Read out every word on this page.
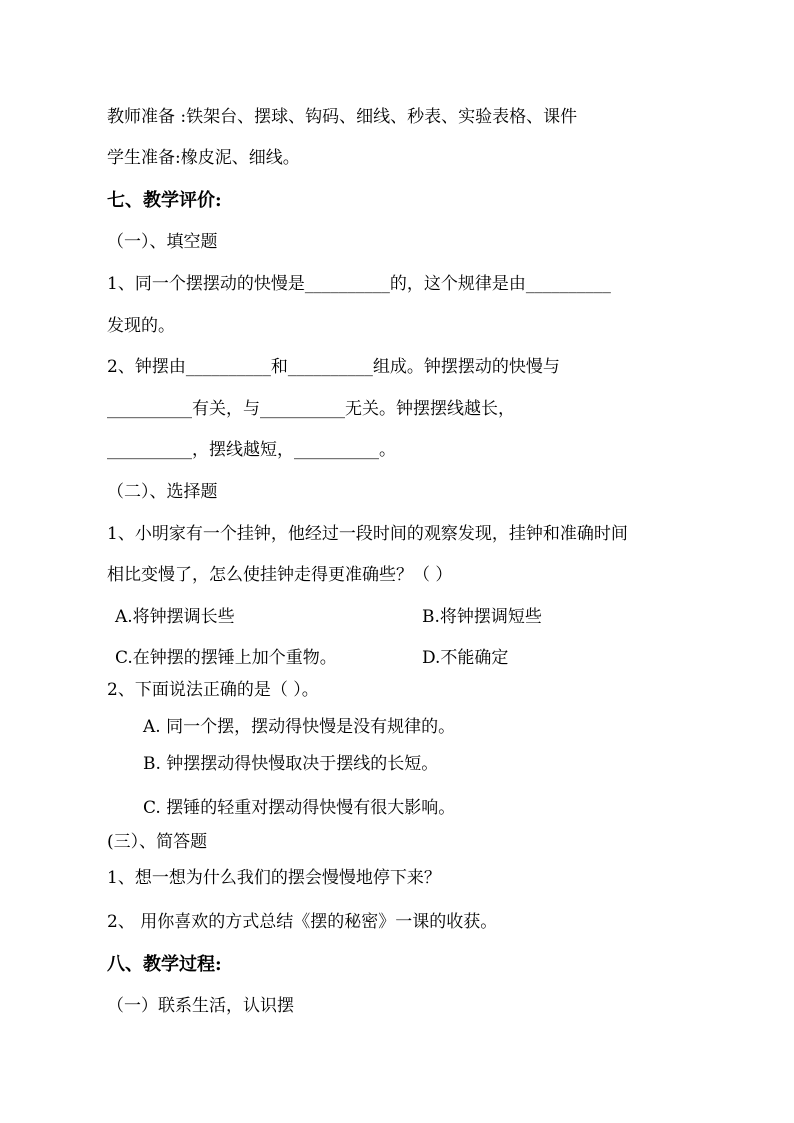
教师准备 :铁架台、摆球、钩码、细线、秒表、实验表格、课件
学生准备:橡皮泥、细线。
七、教学评价:
（一）、填空题
1、同一个摆摆动的快慢是__________的，这个规律是由__________
发现的。
2、钟摆由__________和__________组成。钟摆摆动的快慢与
__________有关，与__________无关。钟摆摆线越长，
__________，摆线越短，__________。
（二）、选择题
1、小明家有一个挂钟，他经过一段时间的观察发现，挂钟和准确时间
相比变慢了，怎么使挂钟走得更准确些？（ ）
A.将钟摆调长些	B.将钟摆调短些
C.在钟摆的摆锤上加个重物。	D.不能确定
2、下面说法正确的是（ ）。
A. 同一个摆，摆动得快慢是没有规律的。
B. 钟摆摆动得快慢取决于摆线的长短。
C. 摆锤的轻重对摆动得快慢有很大影响。
(三）、简答题
1、想一想为什么我们的摆会慢慢地停下来？
2、 用你喜欢的方式总结《摆的秘密》一课的收获。
八、教学过程:
（一）联系生活，认识摆
